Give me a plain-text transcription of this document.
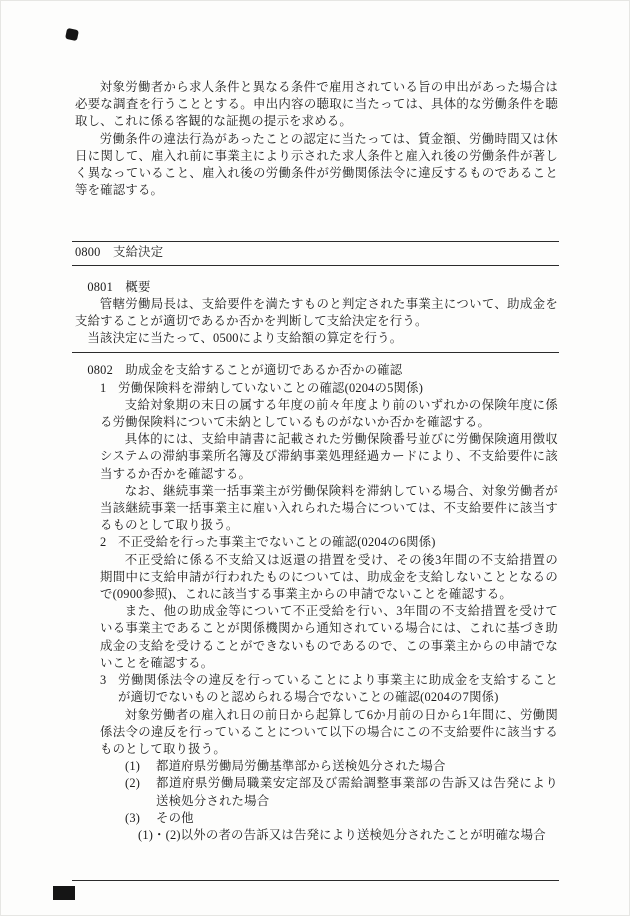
対象労働者から求人条件と異なる条件で雇用されている旨の申出があった場合は必要な調査を行うこととする。申出内容の聴取に当たっては、具体的な労働条件を聴取し、これに係る客観的な証拠の提示を求める。

労働条件の違法行為があったことの認定に当たっては、賃金額、労働時間又は休日に関して、雇入れ前に事業主により示された求人条件と雇入れ後の労働条件が著しく異なっていること、雇入れ後の労働条件が労働関係法令に違反するものであること等を確認する。

0800 支給決定
0801 概要

管轄労働局長は、支給要件を満たすものと判定された事業主について、助成金を支給することが適切であるか否かを判断して支給決定を行う。

当該決定に当たって、0500により支給額の算定を行う。

0802 助成金を支給することが適切であるか否かの確認
1 労働保険料を滞納していないことの確認(0204の5関係)

支給対象期の末日の属する年度の前々年度より前のいずれかの保険年度に係る労働保険料について未納としているものがないか否かを確認する。

具体的には、支給申請書に記載された労働保険番号並びに労働保険適用徴収システムの滞納事業所名簿及び滞納事業処理経過カードにより、不支給要件に該当するか否かを確認する。

なお、継続事業一括事業主が労働保険料を滞納している場合、対象労働者が当該継続事業一括事業主に雇い入れられた場合については、不支給要件に該当するものとして取り扱う。

2 不正受給を行った事業主でないことの確認(0204の6関係)

不正受給に係る不支給又は返還の措置を受け、その後3年間の不支給措置の期間中に支給申請が行われたものについては、助成金を支給しないこととなるので(0900参照)、これに該当する事業主からの申請でないことを確認する。

また、他の助成金等について不正受給を行い、3年間の不支給措置を受けている事業主であることが関係機関から通知されている場合には、これに基づき助成金の支給を受けることができないものであるので、この事業主からの申請でないことを確認する。

3 労働関係法令の違反を行っていることにより事業主に助成金を支給することが適切でないものと認められる場合でないことの確認(0204の7関係)

対象労働者の雇入れ日の前日から起算して6か月前の日から1年間に、労働関係法令の違反を行っていることについて以下の場合にこの不支給要件に該当するものとして取り扱う。

(1)	都道府県労働局労働基準部から送検処分された場合
(2)	都道府県労働局職業安定部及び需給調整事業部の告訴又は告発により送検処分された場合
(3)	その他

(1)・(2)以外の者の告訴又は告発により送検処分されたことが明確な場合
